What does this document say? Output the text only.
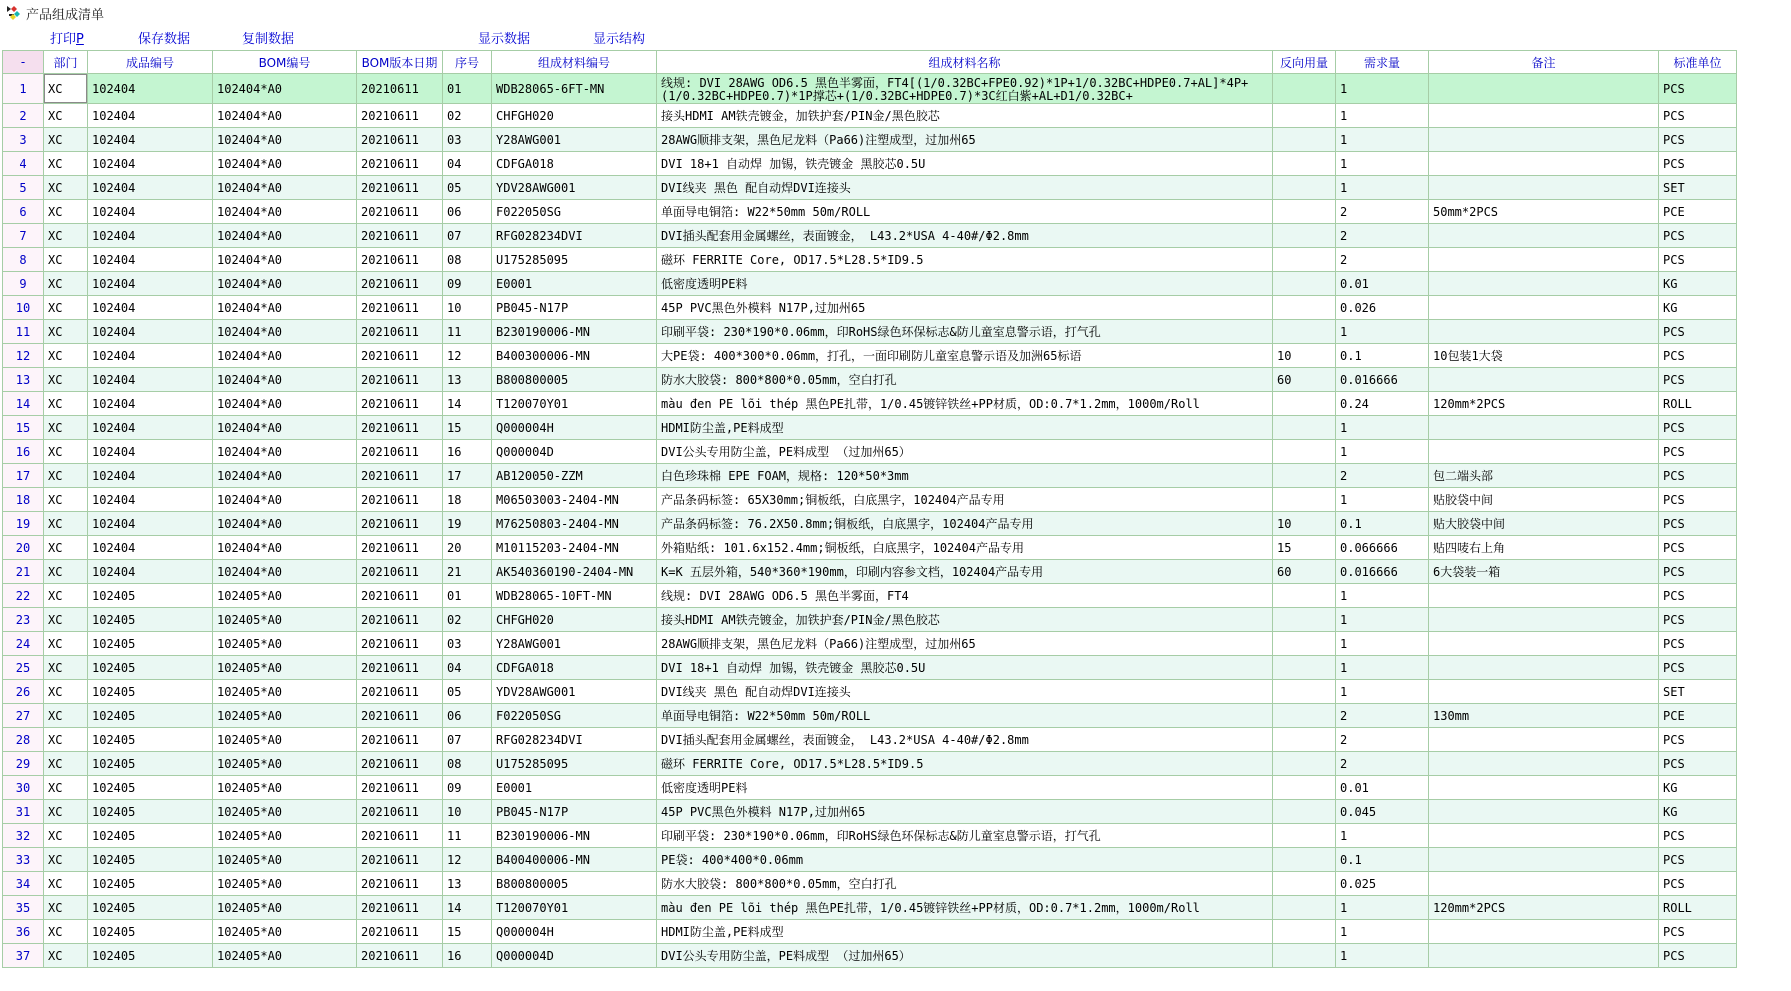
产品组成清单
打印P	保存数据	复制数据	显示数据	显示结构
-	部门	成品编号	BOM编号	BOM版本日期	序号	组成材料编号	组成材料名称	反向用量	需求量	备注	标准单位
1	XC	102404	102404*A0	20210611	01	WDB28065-6FT-MN	线规: DVI 28AWG OD6.5 黑色半雾面，FT4[(1/0.32BC+FPE0.92)*1P+1/0.32BC+HDPE0.7+AL]*4P+(1/0.32BC+HDPE0.7)*1P撑芯+(1/0.32BC+HDPE0.7)*3C红白紫+AL+D1/0.32BC+		1		PCS
2	XC	102404	102404*A0	20210611	02	CHFGH020	接头HDMI AM铁壳镀金，加铁护套/PIN金/黑色胶芯		1		PCS
3	XC	102404	102404*A0	20210611	03	Y28AWG001	28AWG顺排支架，黑色尼龙料（Pa66)注塑成型，过加州65		1		PCS
4	XC	102404	102404*A0	20210611	04	CDFGA018	DVI 18+1 自动焊 加锡，铁壳镀金 黑胶芯0.5U		1		PCS
5	XC	102404	102404*A0	20210611	05	YDV28AWG001	DVI线夹 黑色 配自动焊DVI连接头		1		SET
6	XC	102404	102404*A0	20210611	06	F022050SG	单面导电铜箔: W22*50mm 50m/ROLL		2	50mm*2PCS	PCE
7	XC	102404	102404*A0	20210611	07	RFG028234DVI	DVI插头配套用金属螺丝，表面镀金， L43.2*USA 4-40#/Φ2.8mm		2		PCS
8	XC	102404	102404*A0	20210611	08	U175285095	磁环 FERRITE Core, OD17.5*L28.5*ID9.5		2		PCS
9	XC	102404	102404*A0	20210611	09	E0001	低密度透明PE料		0.01		KG
10	XC	102404	102404*A0	20210611	10	PB045-N17P	45P PVC黑色外模料 N17P,过加州65		0.026		KG
11	XC	102404	102404*A0	20210611	11	B230190006-MN	印刷平袋: 230*190*0.06mm，印RoHS绿色环保标志&防儿童室息警示语，打气孔		1		PCS
12	XC	102404	102404*A0	20210611	12	B400300006-MN	大PE袋: 400*300*0.06mm，打孔，一面印刷防儿童室息警示语及加洲65标语	10	0.1	10包装1大袋	PCS
13	XC	102404	102404*A0	20210611	13	B800800005	防水大胶袋: 800*800*0.05mm，空白打孔	60	0.016666		PCS
14	XC	102404	102404*A0	20210611	14	T120070Y01	màu đen PE lõi thép 黑色PE扎带，1/0.45镀锌铁丝+PP材质，OD:0.7*1.2mm，1000m/Roll		0.24	120mm*2PCS	ROLL
15	XC	102404	102404*A0	20210611	15	Q000004H	HDMI防尘盖,PE料成型		1		PCS
16	XC	102404	102404*A0	20210611	16	Q000004D	DVI公头专用防尘盖，PE料成型 （过加州65）		1		PCS
17	XC	102404	102404*A0	20210611	17	AB120050-ZZM	白色珍珠棉 EPE FOAM，规格: 120*50*3mm		2	包二端头部	PCS
18	XC	102404	102404*A0	20210611	18	M06503003-2404-MN	产品条码标签: 65X30mm;铜板纸，白底黑字，102404产品专用		1	贴胶袋中间	PCS
19	XC	102404	102404*A0	20210611	19	M76250803-2404-MN	产品条码标签: 76.2X50.8mm;铜板纸，白底黑字，102404产品专用	10	0.1	贴大胶袋中间	PCS
20	XC	102404	102404*A0	20210611	20	M10115203-2404-MN	外箱贴纸: 101.6x152.4mm;铜板纸，白底黑字，102404产品专用	15	0.066666	贴四唛右上角	PCS
21	XC	102404	102404*A0	20210611	21	AK540360190-2404-MN	K=K 五层外箱，540*360*190mm，印刷内容参文档，102404产品专用	60	0.016666	6大袋装一箱	PCS
22	XC	102405	102405*A0	20210611	01	WDB28065-10FT-MN	线规: DVI 28AWG OD6.5 黑色半雾面，FT4		1		PCS
23	XC	102405	102405*A0	20210611	02	CHFGH020	接头HDMI AM铁壳镀金，加铁护套/PIN金/黑色胶芯		1		PCS
24	XC	102405	102405*A0	20210611	03	Y28AWG001	28AWG顺排支架，黑色尼龙料（Pa66)注塑成型，过加州65		1		PCS
25	XC	102405	102405*A0	20210611	04	CDFGA018	DVI 18+1 自动焊 加锡，铁壳镀金 黑胶芯0.5U		1		PCS
26	XC	102405	102405*A0	20210611	05	YDV28AWG001	DVI线夹 黑色 配自动焊DVI连接头		1		SET
27	XC	102405	102405*A0	20210611	06	F022050SG	单面导电铜箔: W22*50mm 50m/ROLL		2	130mm	PCE
28	XC	102405	102405*A0	20210611	07	RFG028234DVI	DVI插头配套用金属螺丝，表面镀金， L43.2*USA 4-40#/Φ2.8mm		2		PCS
29	XC	102405	102405*A0	20210611	08	U175285095	磁环 FERRITE Core, OD17.5*L28.5*ID9.5		2		PCS
30	XC	102405	102405*A0	20210611	09	E0001	低密度透明PE料		0.01		KG
31	XC	102405	102405*A0	20210611	10	PB045-N17P	45P PVC黑色外模料 N17P,过加州65		0.045		KG
32	XC	102405	102405*A0	20210611	11	B230190006-MN	印刷平袋: 230*190*0.06mm，印RoHS绿色环保标志&防儿童室息警示语，打气孔		1		PCS
33	XC	102405	102405*A0	20210611	12	B400400006-MN	PE袋: 400*400*0.06mm		0.1		PCS
34	XC	102405	102405*A0	20210611	13	B800800005	防水大胶袋: 800*800*0.05mm，空白打孔		0.025		PCS
35	XC	102405	102405*A0	20210611	14	T120070Y01	màu đen PE lõi thép 黑色PE扎带，1/0.45镀锌铁丝+PP材质，OD:0.7*1.2mm，1000m/Roll		1	120mm*2PCS	ROLL
36	XC	102405	102405*A0	20210611	15	Q000004H	HDMI防尘盖,PE料成型		1		PCS
37	XC	102405	102405*A0	20210611	16	Q000004D	DVI公头专用防尘盖，PE料成型 （过加州65）		1		PCS
